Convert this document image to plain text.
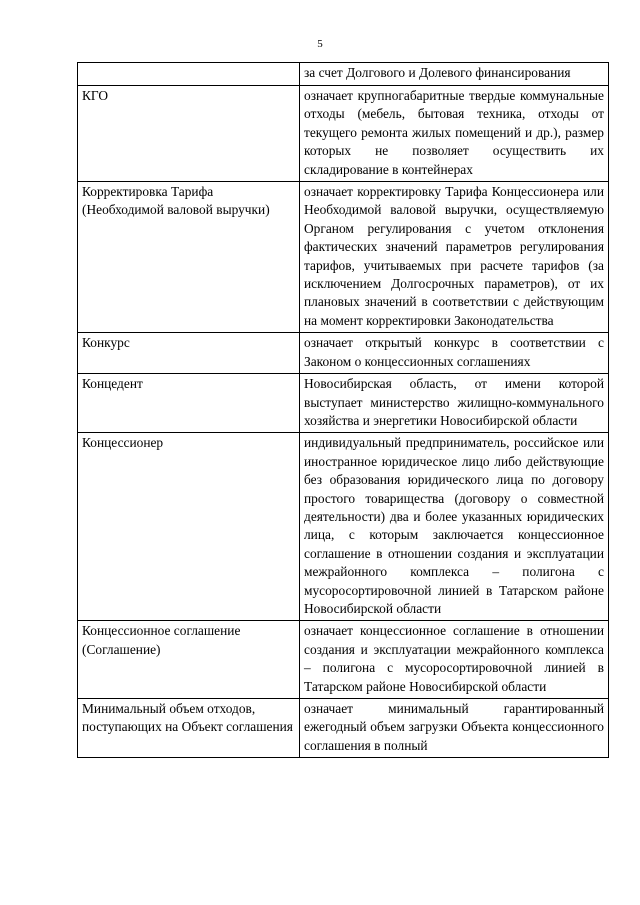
5
	за счет Долгового и Долевого финансирования
КГО	означает крупногабаритные твердые коммунальные отходы (мебель, бытовая техника, отходы от текущего ремонта жилых помещений и др.), размер которых не позволяет осуществить их складирование в контейнерах
Корректировка Тарифа (Необходимой валовой выручки)	означает корректировку Тарифа Концессионера или Необходимой валовой выручки, осуществляемую Органом регулирования с учетом отклонения фактических значений параметров регулирования тарифов, учитываемых при расчете тарифов (за исключением Долгосрочных параметров), от их плановых значений в соответствии с действующим на момент корректировки Законодательства
Конкурс	означает открытый конкурс в соответствии с Законом о концессионных соглашениях
Концедент	Новосибирская область, от имени которой выступает министерство жилищно-коммунального хозяйства и энергетики Новосибирской области
Концессионер	индивидуальный предприниматель, российское или иностранное юридическое лицо либо действующие без образования юридического лица по договору простого товарищества (договору о совместной деятельности) два и более указанных юридических лица, с которым заключается концессионное соглашение в отношении создания и эксплуатации межрайонного комплекса – полигона с мусоросортировочной линией в Татарском районе Новосибирской области
Концессионное соглашение (Соглашение)	означает концессионное соглашение в отношении создания и эксплуатации межрайонного комплекса – полигона с мусоросортировочной линией в Татарском районе Новосибирской области
Минимальный объем отходов, поступающих на Объект соглашения	означает минимальный гарантированный ежегодный объем загрузки Объекта концессионного соглашения в полный
